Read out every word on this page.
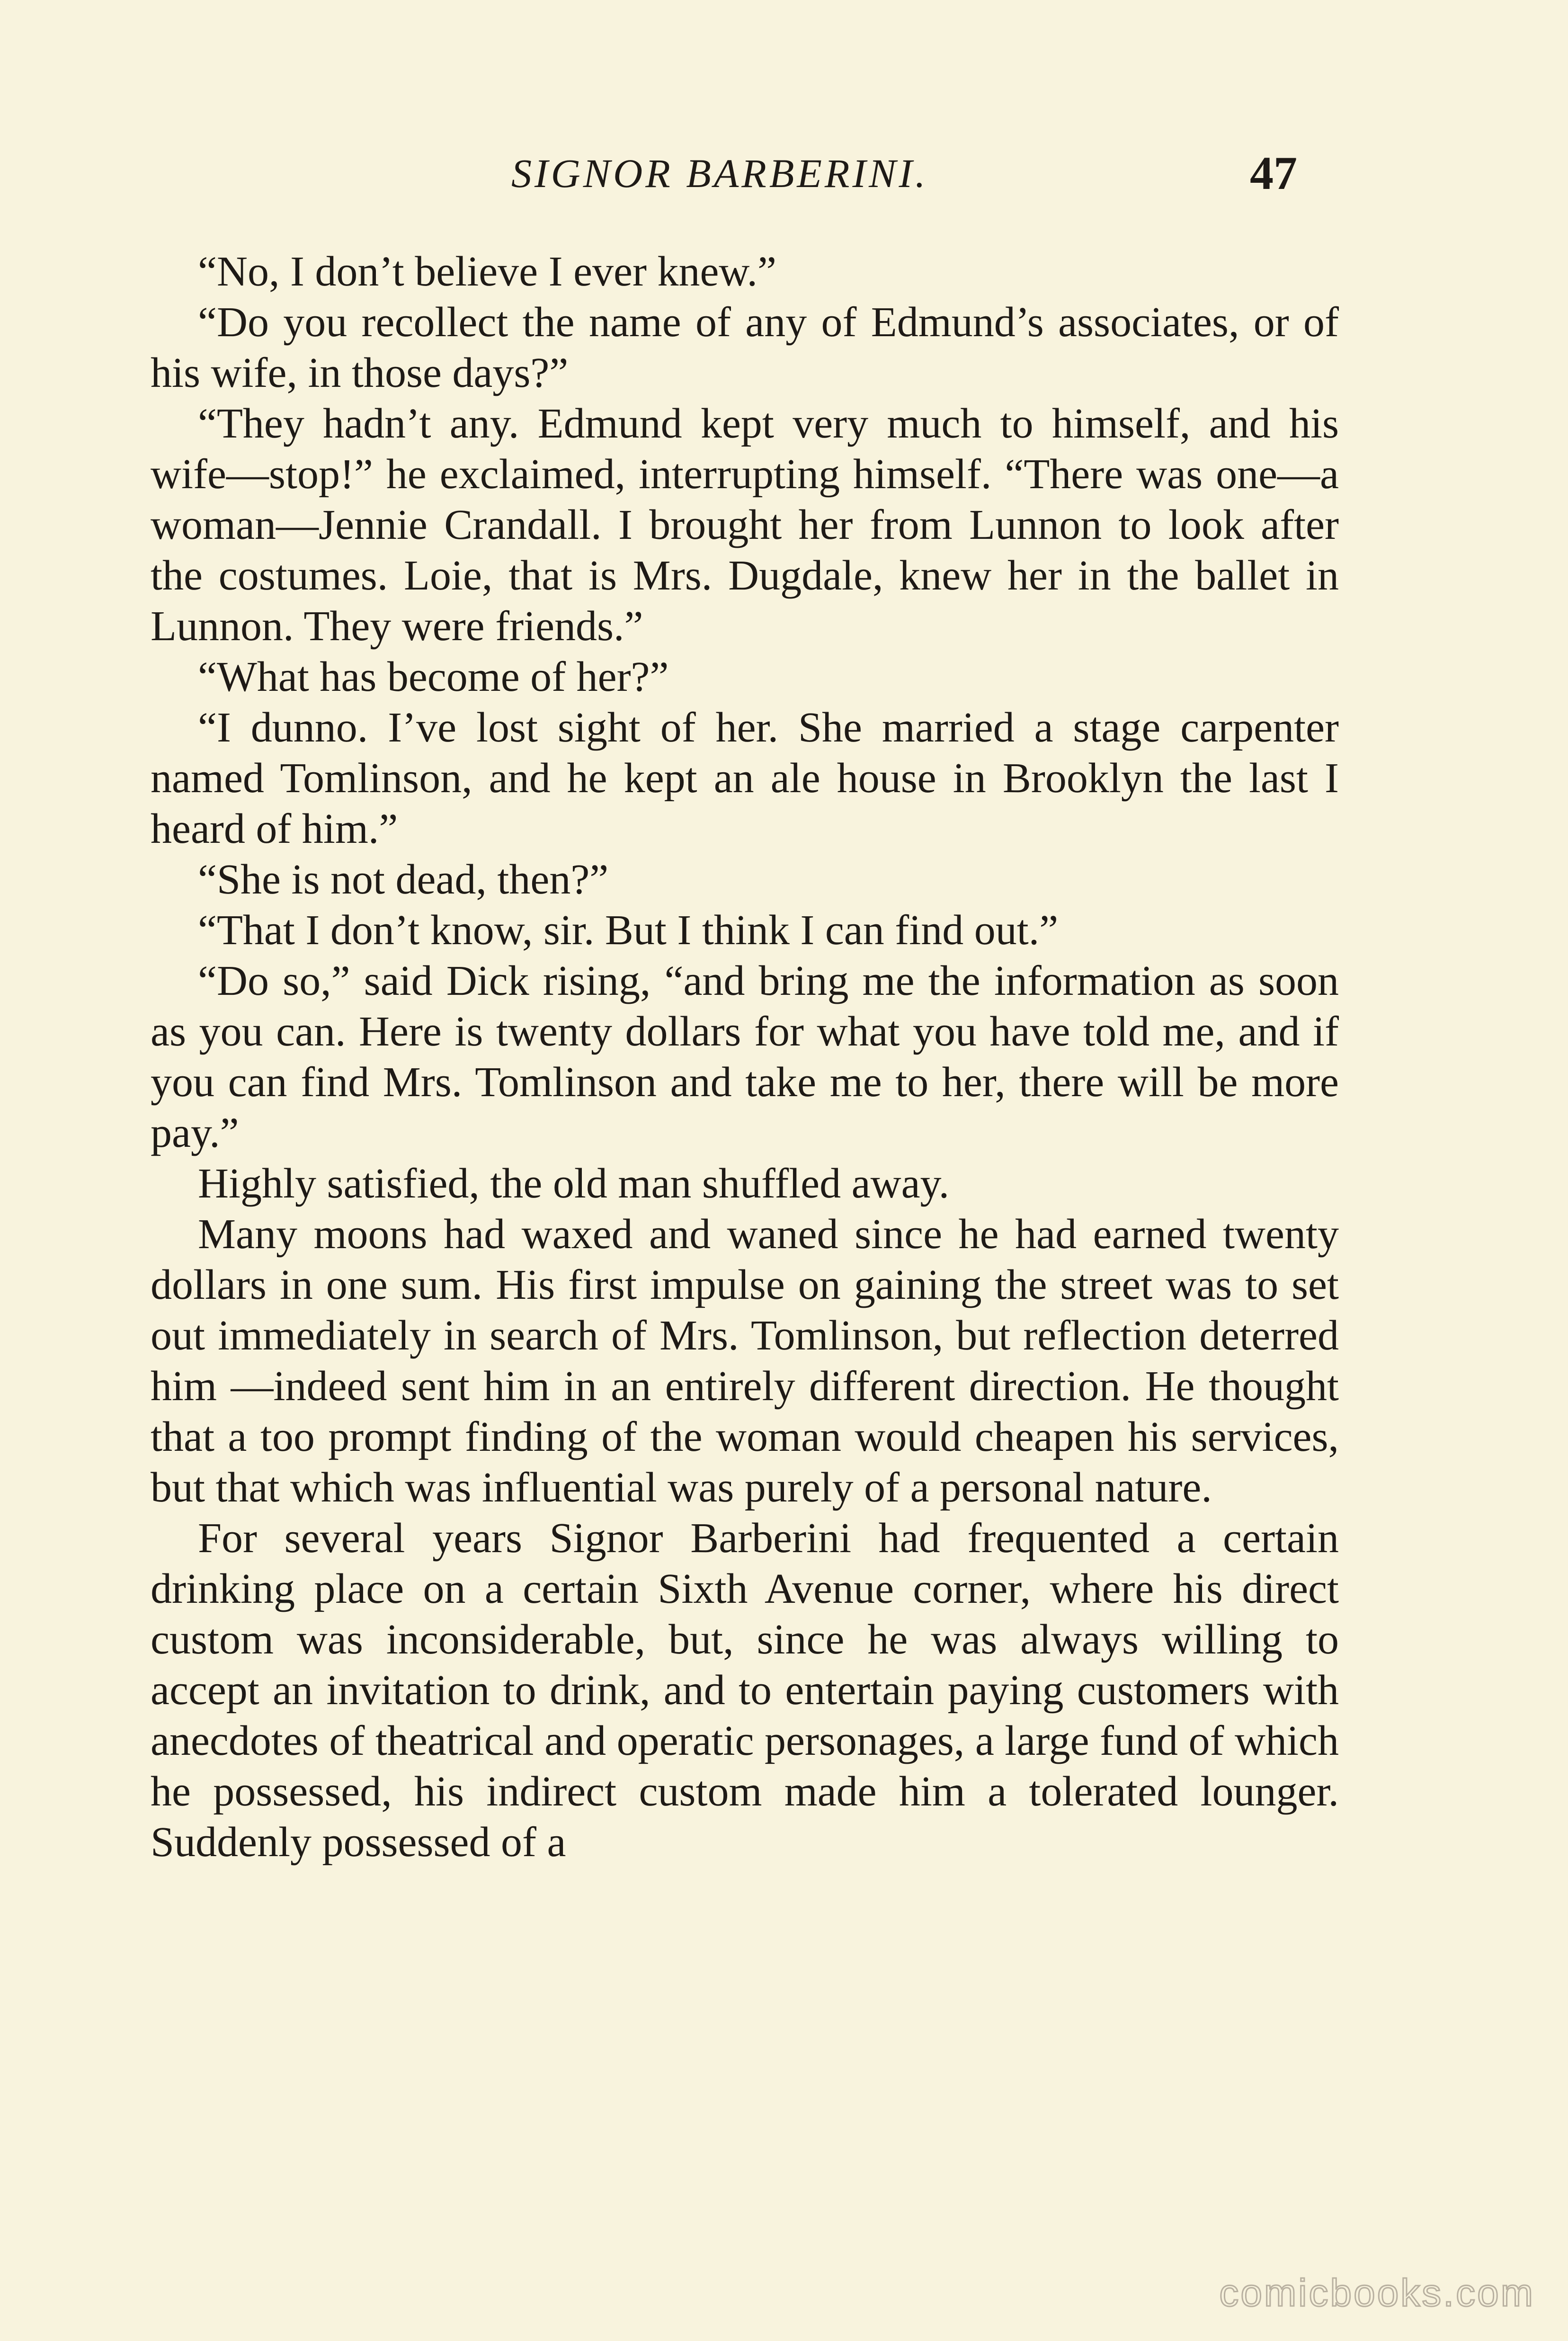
SIGNOR BARBERINI.	47

“No, I don’t believe I ever knew.”

“Do you recollect the name of any of Edmund’s associates, or of his wife, in those days?”

“They hadn’t any. Edmund kept very much to himself, and his wife—stop!” he exclaimed, interrupting himself. “There was one—a woman—Jennie Crandall. I brought her from Lunnon to look after the costumes. Loie, that is Mrs. Dugdale, knew her in the ballet in Lunnon. They were friends.”

“What has become of her?”

“I dunno. I’ve lost sight of her. She married a stage carpenter named Tomlinson, and he kept an ale house in Brooklyn the last I heard of him.”

“She is not dead, then?”

“That I don’t know, sir. But I think I can find out.”

“Do so,” said Dick rising, “and bring me the information as soon as you can. Here is twenty dollars for what you have told me, and if you can find Mrs. Tomlinson and take me to her, there will be more pay.”

Highly satisfied, the old man shuffled away.

Many moons had waxed and waned since he had earned twenty dollars in one sum. His first impulse on gaining the street was to set out immediately in search of Mrs. Tomlinson, but reflection deterred him —indeed sent him in an entirely different direction. He thought that a too prompt finding of the woman would cheapen his services, but that which was influential was purely of a personal nature.

For several years Signor Barberini had frequented a certain drinking place on a certain Sixth Avenue corner, where his direct custom was inconsiderable, but, since he was always willing to accept an invitation to drink, and to entertain paying customers with anecdotes of theatrical and operatic personages, a large fund of which he possessed, his indirect custom made him a tolerated lounger. Suddenly possessed of a

comicbooks.com
